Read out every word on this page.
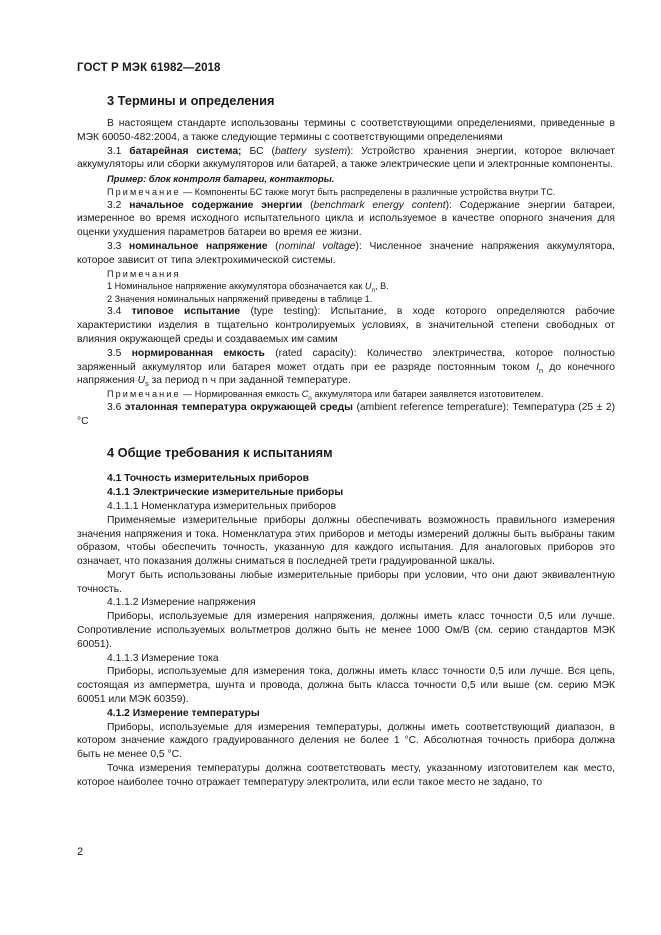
ГОСТ Р МЭК 61982—2018

3 Термины и определения

В настоящем стандарте использованы термины с соответствующими определениями, приведенные в МЭК 60050-482:2004, а также следующие термины с соответствующими определениями

3.1 батарейная система; БС (battery system): Устройство хранения энергии, которое включает аккумуляторы или сборки аккумуляторов или батарей, а также электрические цепи и электронные компоненты.

Пример: блок контроля батареи, контакторы.

Примечание — Компоненты БС также могут быть распределены в различные устройства внутри ТС.

3.2 начальное содержание энергии (benchmark energy content): Содержание энергии батареи, измеренное во время исходного испытательного цикла и используемое в качестве опорного значения для оценки ухудшения параметров батареи во время ее жизни.

3.3 номинальное напряжение (nominal voltage): Численное значение напряжения аккумулятора, которое зависит от типа электрохимической системы.

Примечания

1 Номинальное напряжение аккумулятора обозначается как $U_n$, В.

2 Значения номинальных напряжений приведены в таблице 1.

3.4 типовое испытание (type testing): Испытание, в ходе которого определяются рабочие характеристики изделия в тщательно контролируемых условиях, в значительной степени свободных от влияния окружающей среды и создаваемых им самим

3.5 нормированная емкость (rated capacity): Количество электричества, которое полностью заряженный аккумулятор или батарея может отдать при ее разряде постоянным током $I_n$ до конечного напряжения $U_s$ за период n ч при заданной температуре.

Примечание — Нормированная емкость $C_n$ аккумулятора или батареи заявляется изготовителем.

3.6 эталонная температура окружающей среды (ambient reference temperature): Температура (25 ± 2) °C

4 Общие требования к испытаниям

4.1 Точность измерительных приборов

4.1.1 Электрические измерительные приборы

4.1.1.1 Номенклатура измерительных приборов

Применяемые измерительные приборы должны обеспечивать возможность правильного измерения значения напряжения и тока. Номенклатура этих приборов и методы измерений должны быть выбраны таким образом, чтобы обеспечить точность, указанную для каждого испытания. Для аналоговых приборов это означает, что показания должны сниматься в последней трети градуированной шкалы.

Могут быть использованы любые измерительные приборы при условии, что они дают эквивалентную точность.

4.1.1.2 Измерение напряжения

Приборы, используемые для измерения напряжения, должны иметь класс точности 0,5 или лучше. Сопротивление используемых вольтметров должно быть не менее 1000 Ом/В (см. серию стандартов МЭК 60051).

4.1.1.3 Измерение тока

Приборы, используемые для измерения тока, должны иметь класс точности 0,5 или лучше. Вся цепь, состоящая из амперметра, шунта и провода, должна быть класса точности 0,5 или выше (см. серию МЭК 60051 или МЭК 60359).

4.1.2 Измерение температуры

Приборы, используемые для измерения температуры, должны иметь соответствующий диапазон, в котором значение каждого градуированного деления не более 1 °C. Абсолютная точность прибора должна быть не менее 0,5 °C.

Точка измерения температуры должна соответствовать месту, указанному изготовителем как место, которое наиболее точно отражает температуру электролита, или если такое место не задано, то

2
